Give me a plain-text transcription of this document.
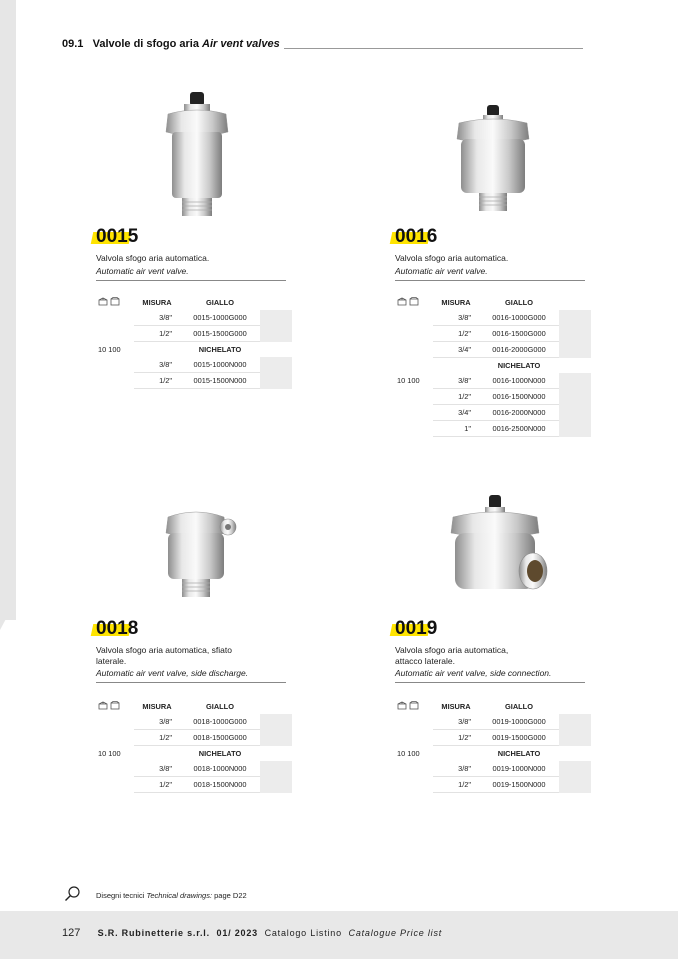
09.1 Valvole di sfogo aria Air vent valves
0015
Valvola sfogo aria automatica.
Automatic air vent valve.
	MISURA	GIALLO	
	3/8"	0015-1000G000	
	1/2"	0015-1500G000	
10 100		NICHELATO	
	3/8"	0015-1000N000	
	1/2"	0015-1500N000	
0016
Valvola sfogo aria automatica.
Automatic air vent valve.
	MISURA	GIALLO	
	3/8"	0016-1000G000	
	1/2"	0016-1500G000	
	3/4"	0016-2000G000	
		NICHELATO	
10 100	3/8"	0016-1000N000	
	1/2"	0016-1500N000	
	3/4"	0016-2000N000	
	1"	0016-2500N000	
0018
Valvola sfogo aria automatica, sfiato
laterale.
Automatic air vent valve, side discharge.
	MISURA	GIALLO	
	3/8"	0018-1000G000	
	1/2"	0018-1500G000	
10 100		NICHELATO	
	3/8"	0018-1000N000	
	1/2"	0018-1500N000	
0019
Valvola sfogo aria automatica,
attacco laterale.
Automatic air vent valve, side connection.
	MISURA	GIALLO	
	3/8"	0019-1000G000	
	1/2"	0019-1500G000	
10 100		NICHELATO	
	3/8"	0019-1000N000	
	1/2"	0019-1500N000	
Disegni tecnici Technical drawings: page D22
127 S.R. Rubinetterie s.r.l. 01/ 2023 Catalogo Listino Catalogue Price list
